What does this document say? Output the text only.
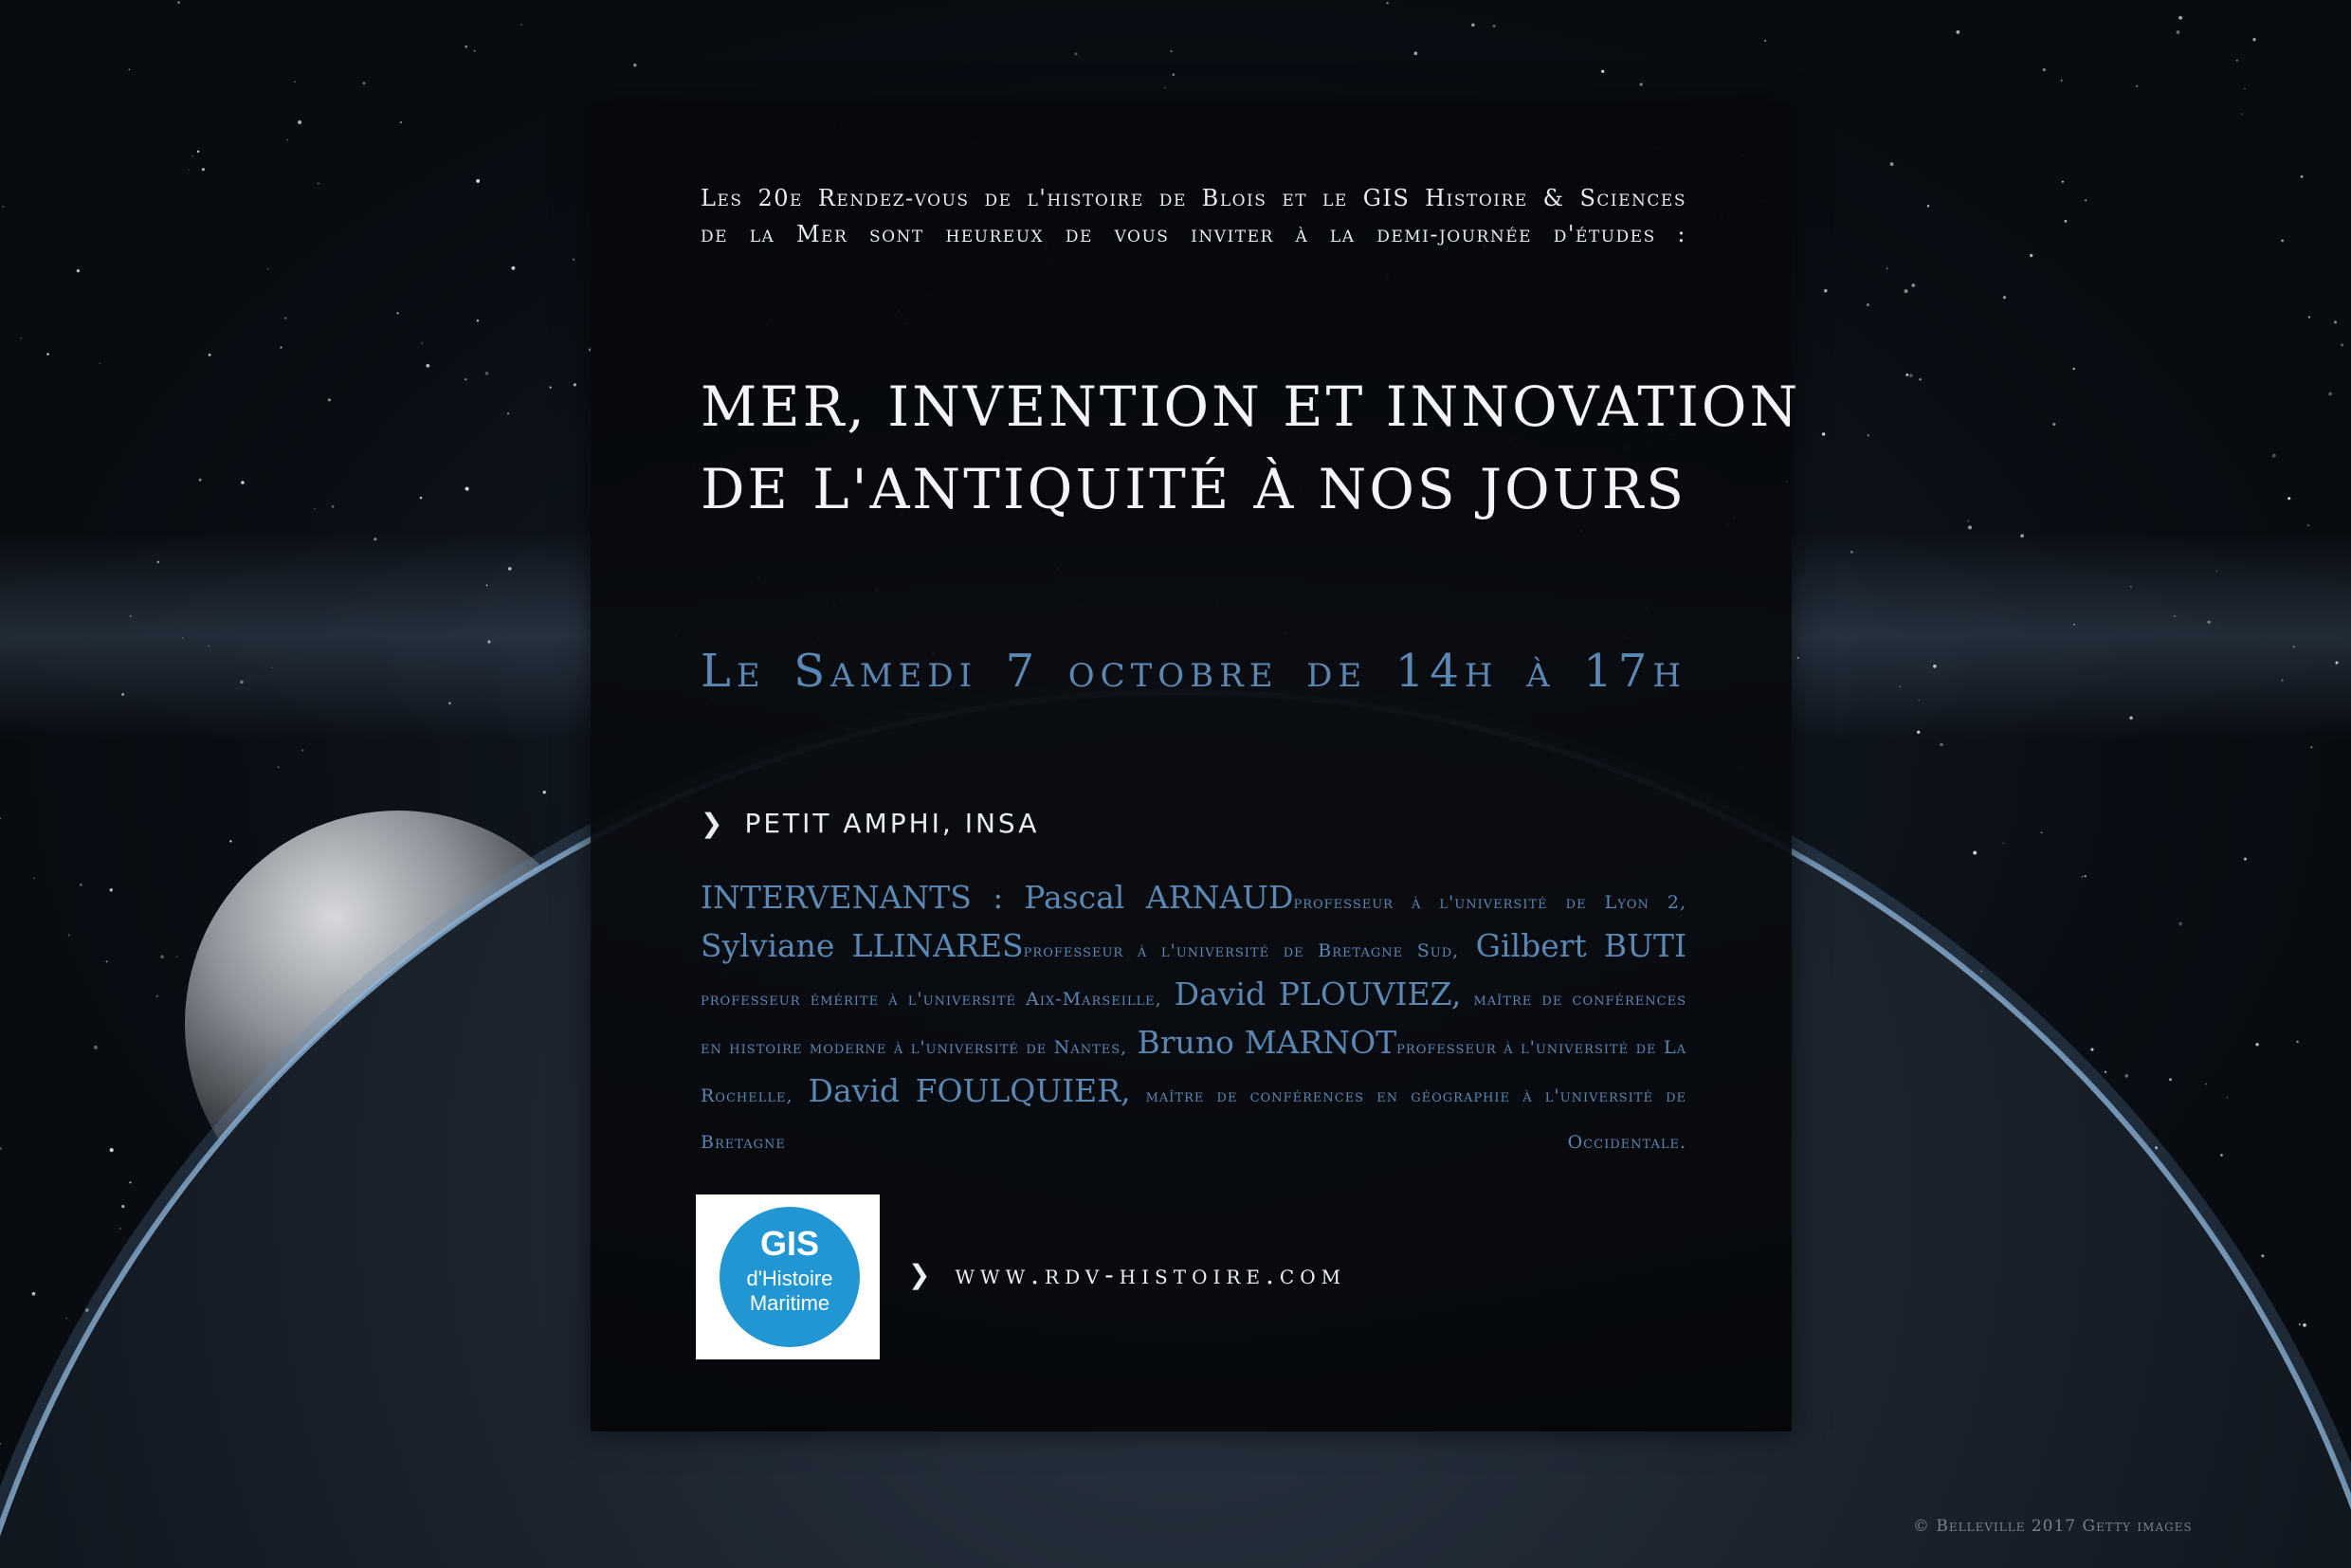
Les 20e Rendez-vous de l'histoire de Blois et le GIS Histoire & Sciences
de la Mer sont heureux de vous inviter à la demi-journée d'études :
MER, INVENTION ET INNOVATION
DE L'ANTIQUITÉ À NOS JOURS
Le Samedi 7 octobre de 14h à 17h
❯ PETIT AMPHI, INSA
INTERVENANTS : Pascal ARNAUDprofesseur à l'université de Lyon 2, Sylviane LLINARESprofesseur à l'université de Bretagne Sud, Gilbert BUTI professeur émérite à l'université Aix-Marseille, David PLOUVIEZ, maître de conférences en histoire moderne à l'université de Nantes, Bruno MARNOTprofesseur à l'université de La Rochelle, David FOULQUIER, maître de conférences en géographie à l'université de Bretagne Occidentale.
GIS
d'Histoire
Maritime
❯ www.rdv-histoire.com
© Belleville 2017 Getty images
